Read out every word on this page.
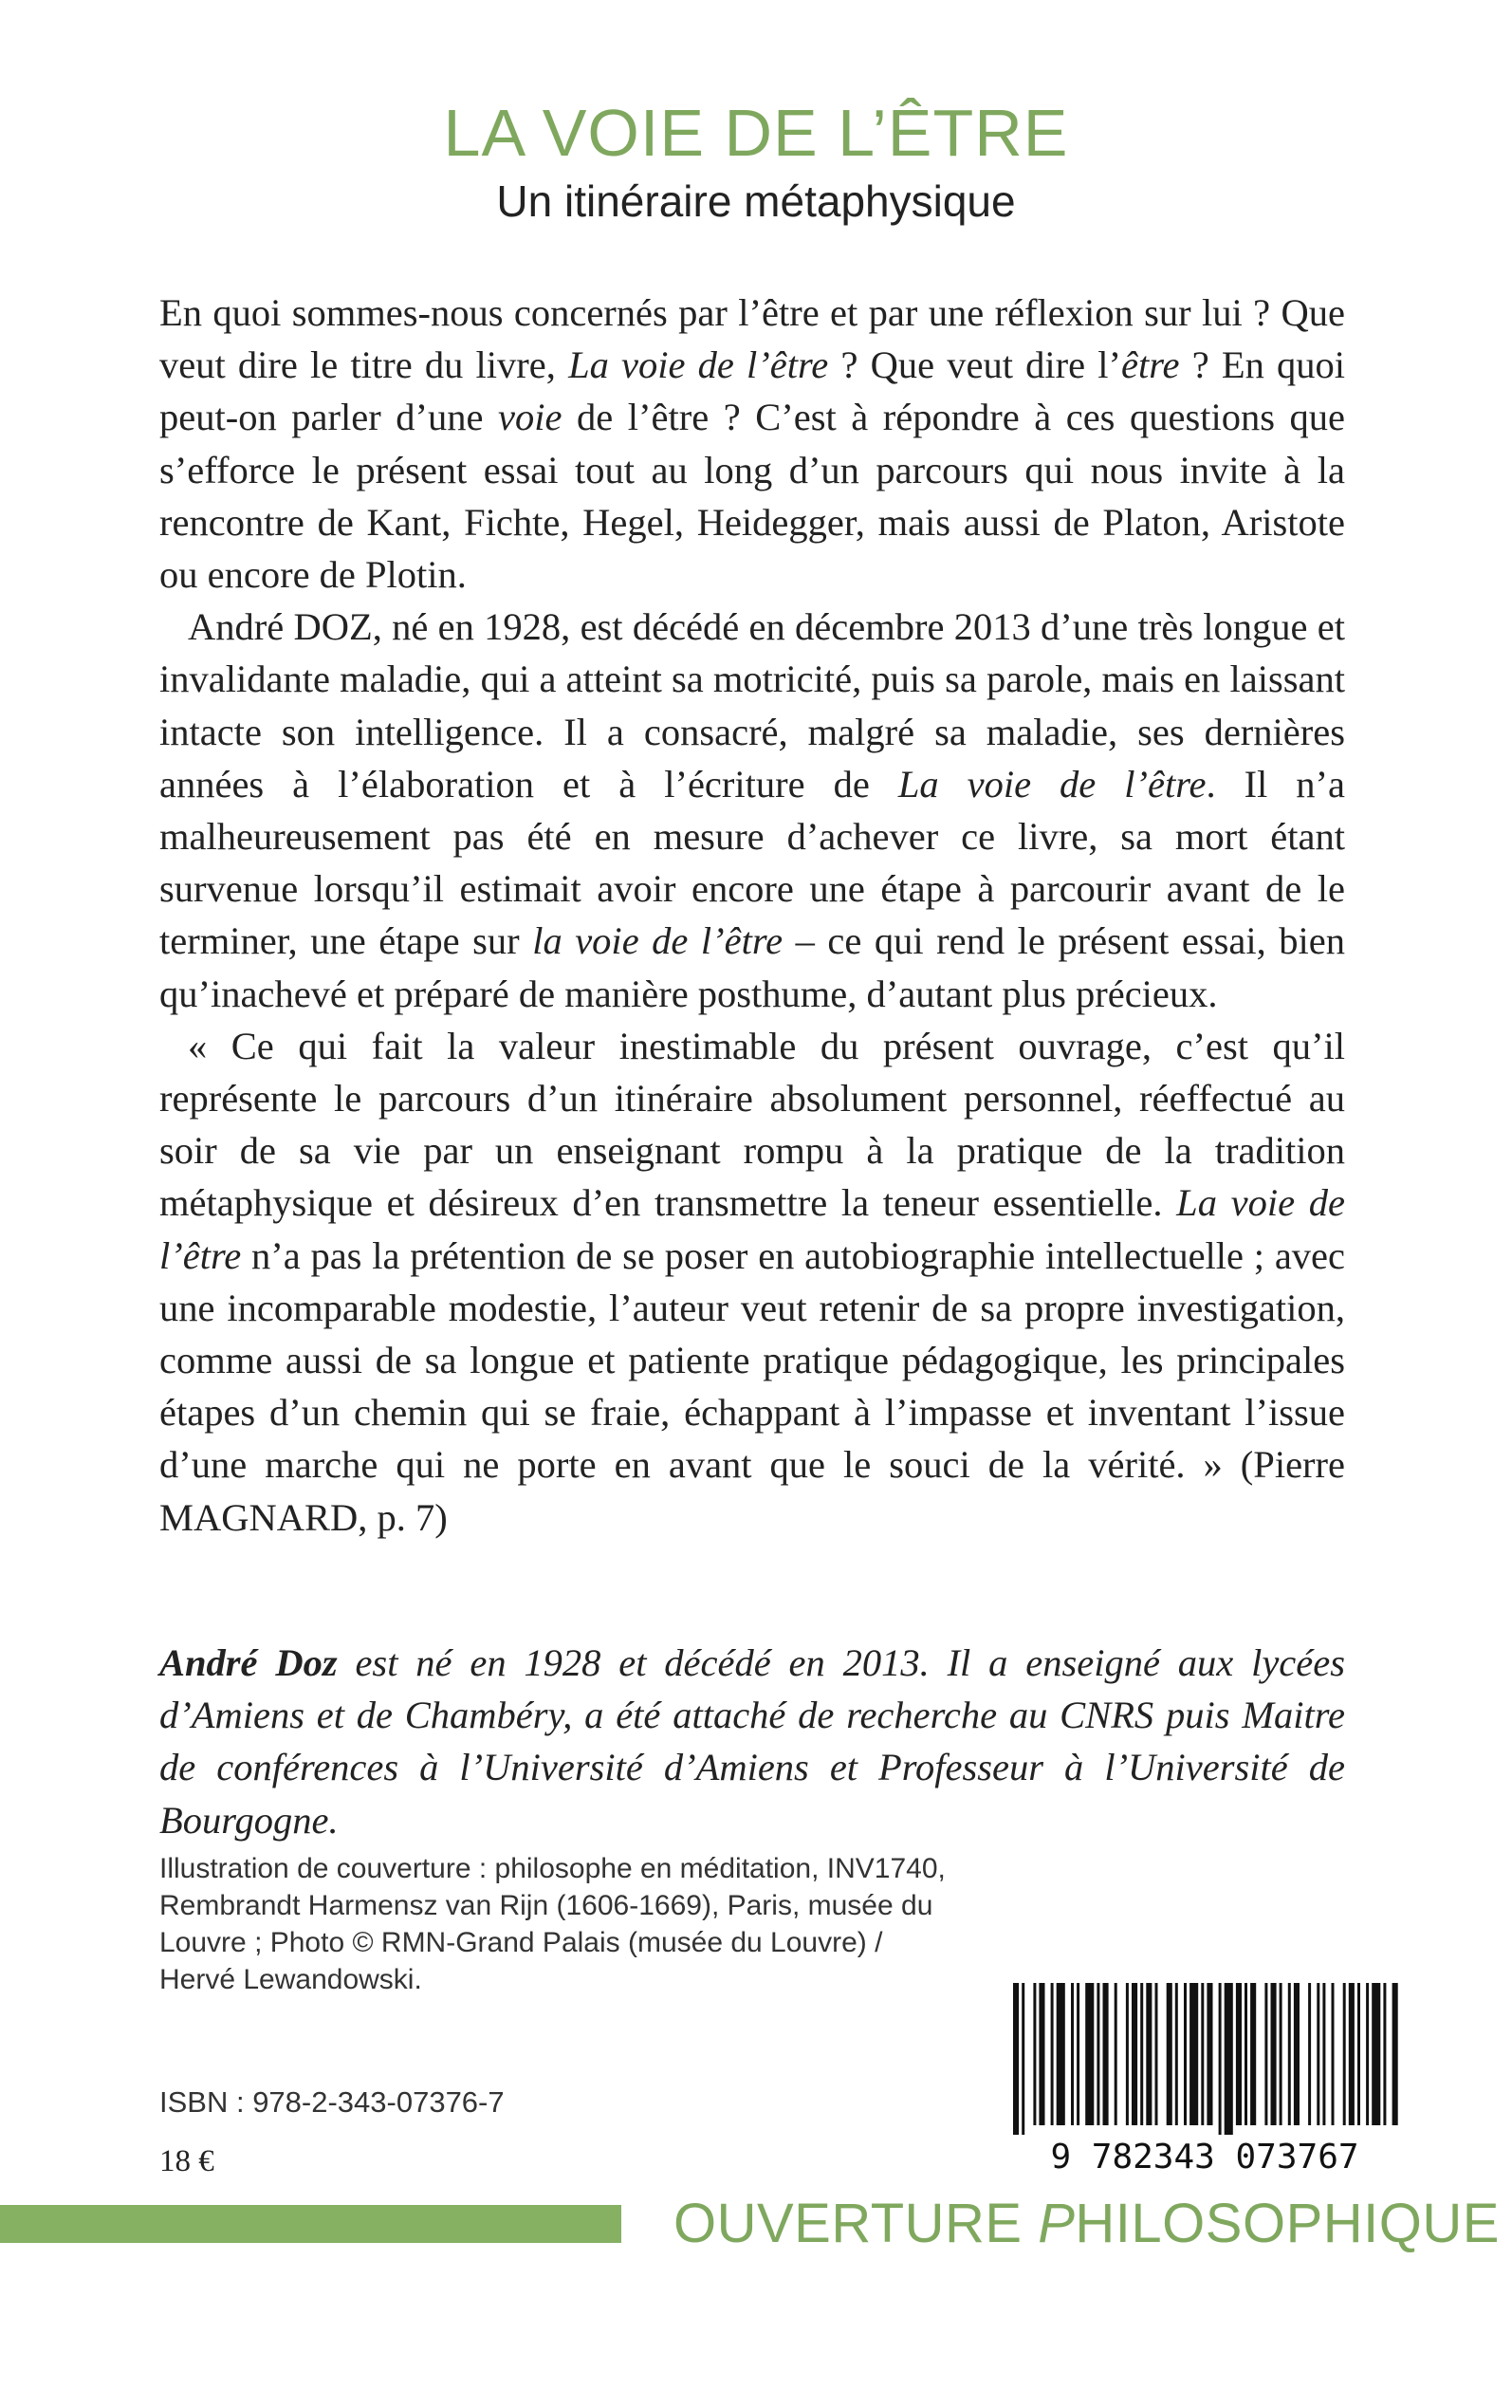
LA VOIE DE L’ÊTRE
Un itinéraire métaphysique

En quoi sommes-nous concernés par l’être et par une réflexion sur lui ? Que veut dire le titre du livre, La voie de l’être ? Que veut dire l’être ? En quoi peut-on parler d’une voie de l’être ? C’est à répondre à ces questions que s’efforce le présent essai tout au long d’un parcours qui nous invite à la rencontre de Kant, Fichte, Hegel, Heidegger, mais aussi de Platon, Aristote ou encore de Plotin.

André DOZ, né en 1928, est décédé en décembre 2013 d’une très longue et invalidante maladie, qui a atteint sa motricité, puis sa parole, mais en laissant intacte son intelligence. Il a consacré, malgré sa maladie, ses dernières années à l’élaboration et à l’écriture de La voie de l’être. Il n’a malheureusement pas été en mesure d’achever ce livre, sa mort étant survenue lorsqu’il estimait avoir encore une étape à parcourir avant de le terminer, une étape sur la voie de l’être – ce qui rend le présent essai, bien qu’inachevé et préparé de manière posthume, d’autant plus précieux.

« Ce qui fait la valeur inestimable du présent ouvrage, c’est qu’il représente le parcours d’un itinéraire absolument personnel, réeffectué au soir de sa vie par un enseignant rompu à la pratique de la tradition métaphysique et désireux d’en transmettre la teneur essentielle. La voie de l’être n’a pas la prétention de se poser en autobiographie intellectuelle ; avec une incomparable modestie, l’auteur veut retenir de sa propre investigation, comme aussi de sa longue et patiente pratique pédagogique, les principales étapes d’un chemin qui se fraie, échappant à l’impasse et inventant l’issue d’une marche qui ne porte en avant que le souci de la vérité. » (Pierre MAGNARD, p. 7)

André Doz est né en 1928 et décédé en 2013. Il a enseigné aux lycées d’Amiens et de Chambéry, a été attaché de recherche au CNRS puis Maitre de conférences à l’Université d’Amiens et Professeur à l’Université de Bourgogne.

Illustration de couverture : philosophe en méditation, INV1740,
Rembrandt Harmensz van Rijn (1606-1669), Paris, musée du
Louvre ; Photo © RMN-Grand Palais (musée du Louvre) /
Hervé Lewandowski.

ISBN : 978-2-343-07376-7

18 €	9 782343 073767

OUVERTURE PHILOSOPHIQUE
